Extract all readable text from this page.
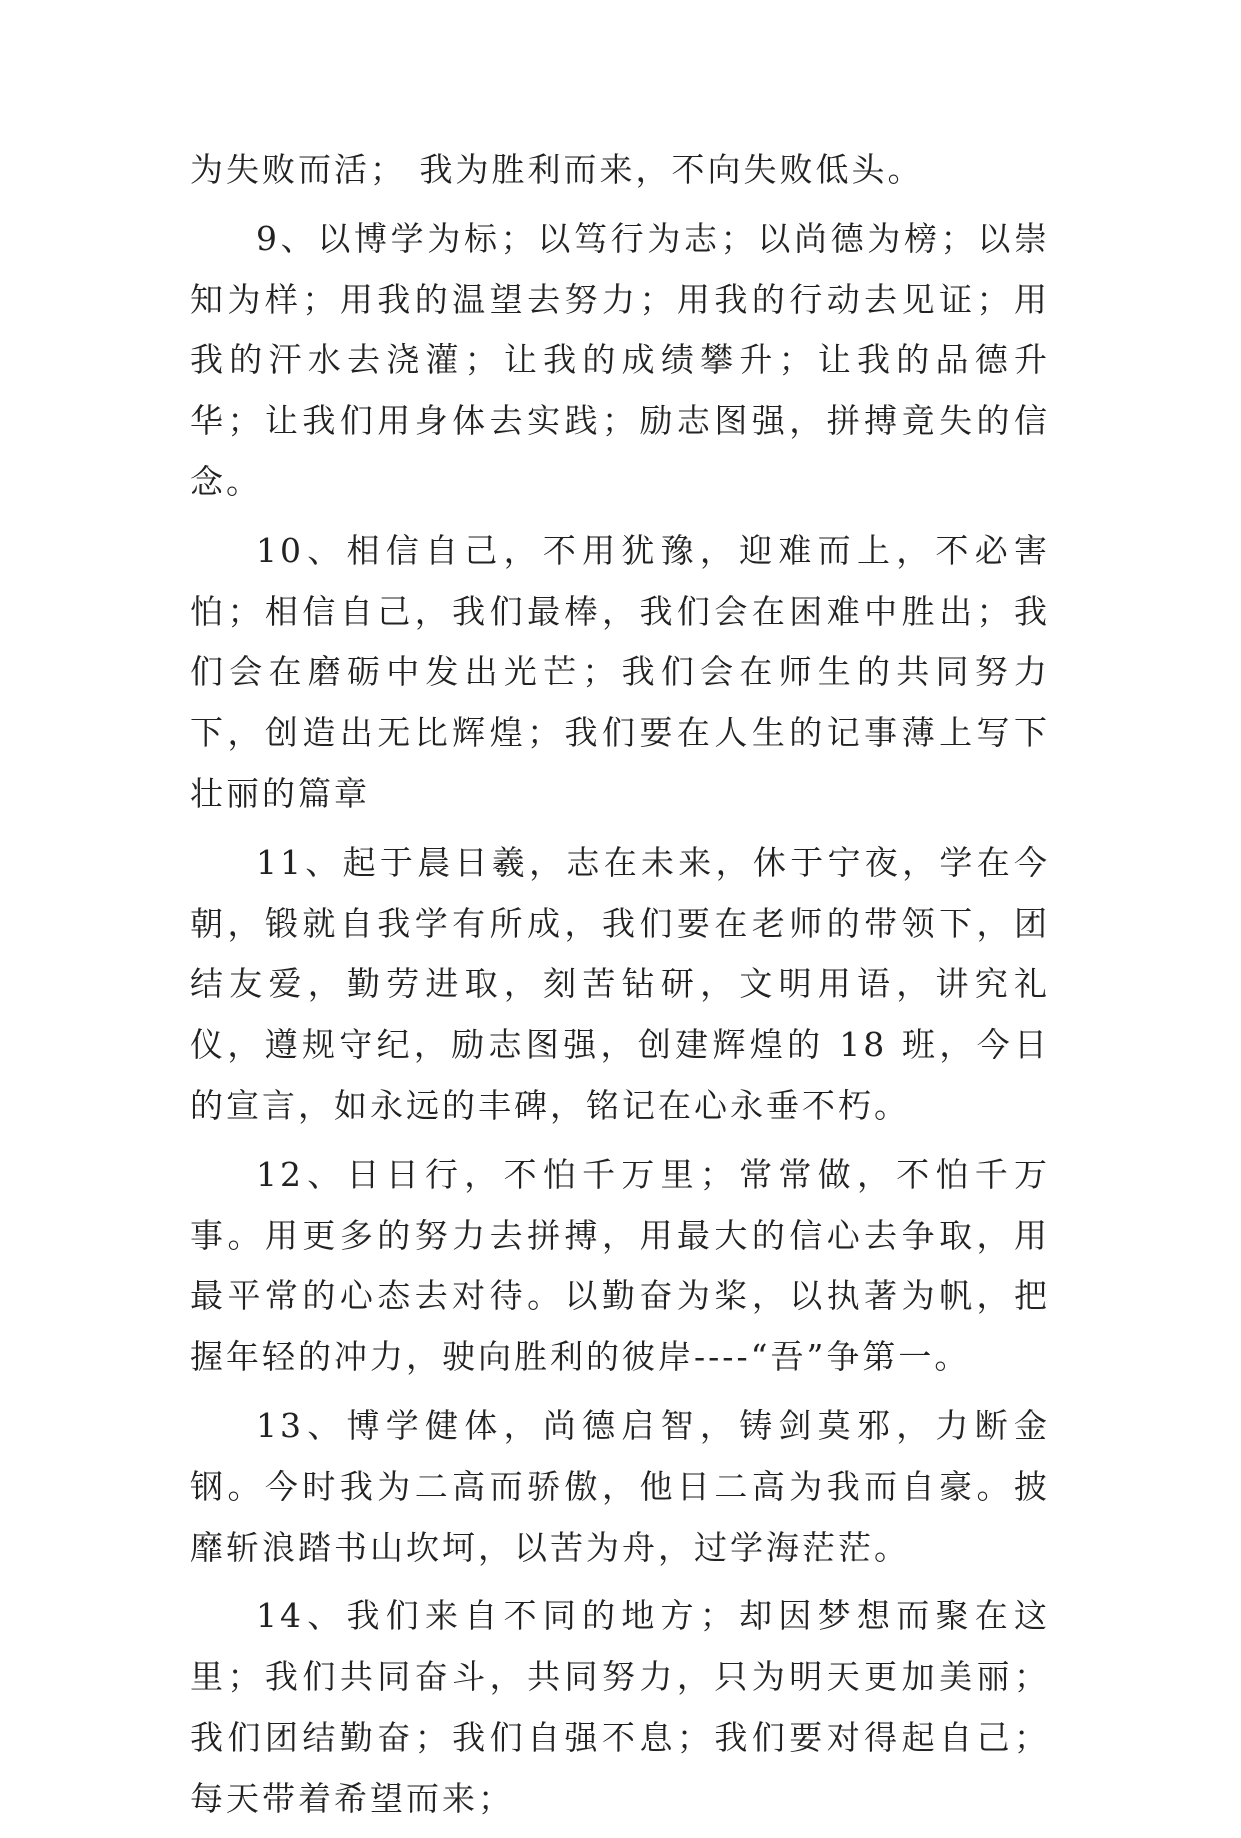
为失败而活； 我为胜利而来，不向失败低头。

9、以博学为标；以笃行为志；以尚德为榜；以崇知为样；用我的温望去努力；用我的行动去见证；用我的汗水去浇灌；让我的成绩攀升；让我的品德升华；让我们用身体去实践；励志图强，拼搏竟失的信念。

10、相信自己，不用犹豫，迎难而上，不必害怕；相信自己，我们最棒，我们会在困难中胜出；我们会在磨砺中发出光芒；我们会在师生的共同努力下，创造出无比辉煌；我们要在人生的记事薄上写下壮丽的篇章

11、起于晨日羲，志在未来，休于宁夜，学在今朝，锻就自我学有所成，我们要在老师的带领下，团结友爱，勤劳进取，刻苦钻研，文明用语，讲究礼仪，遵规守纪，励志图强，创建辉煌的 18 班，今日的宣言，如永远的丰碑，铭记在心永垂不朽。

12、日日行，不怕千万里；常常做，不怕千万事。用更多的努力去拼搏，用最大的信心去争取，用最平常的心态去对待。以勤奋为桨，以执著为帆，把握年轻的冲力，驶向胜利的彼岸----“吾”争第一。

13、博学健体，尚德启智，铸剑莫邪，力断金钢。今时我为二高而骄傲，他日二高为我而自豪。披靡斩浪踏书山坎坷，以苦为舟，过学海茫茫。

14、我们来自不同的地方；却因梦想而聚在这里；我们共同奋斗，共同努力，只为明天更加美丽；我们团结勤奋；我们自强不息；我们要对得起自己；每天带着希望而来；
